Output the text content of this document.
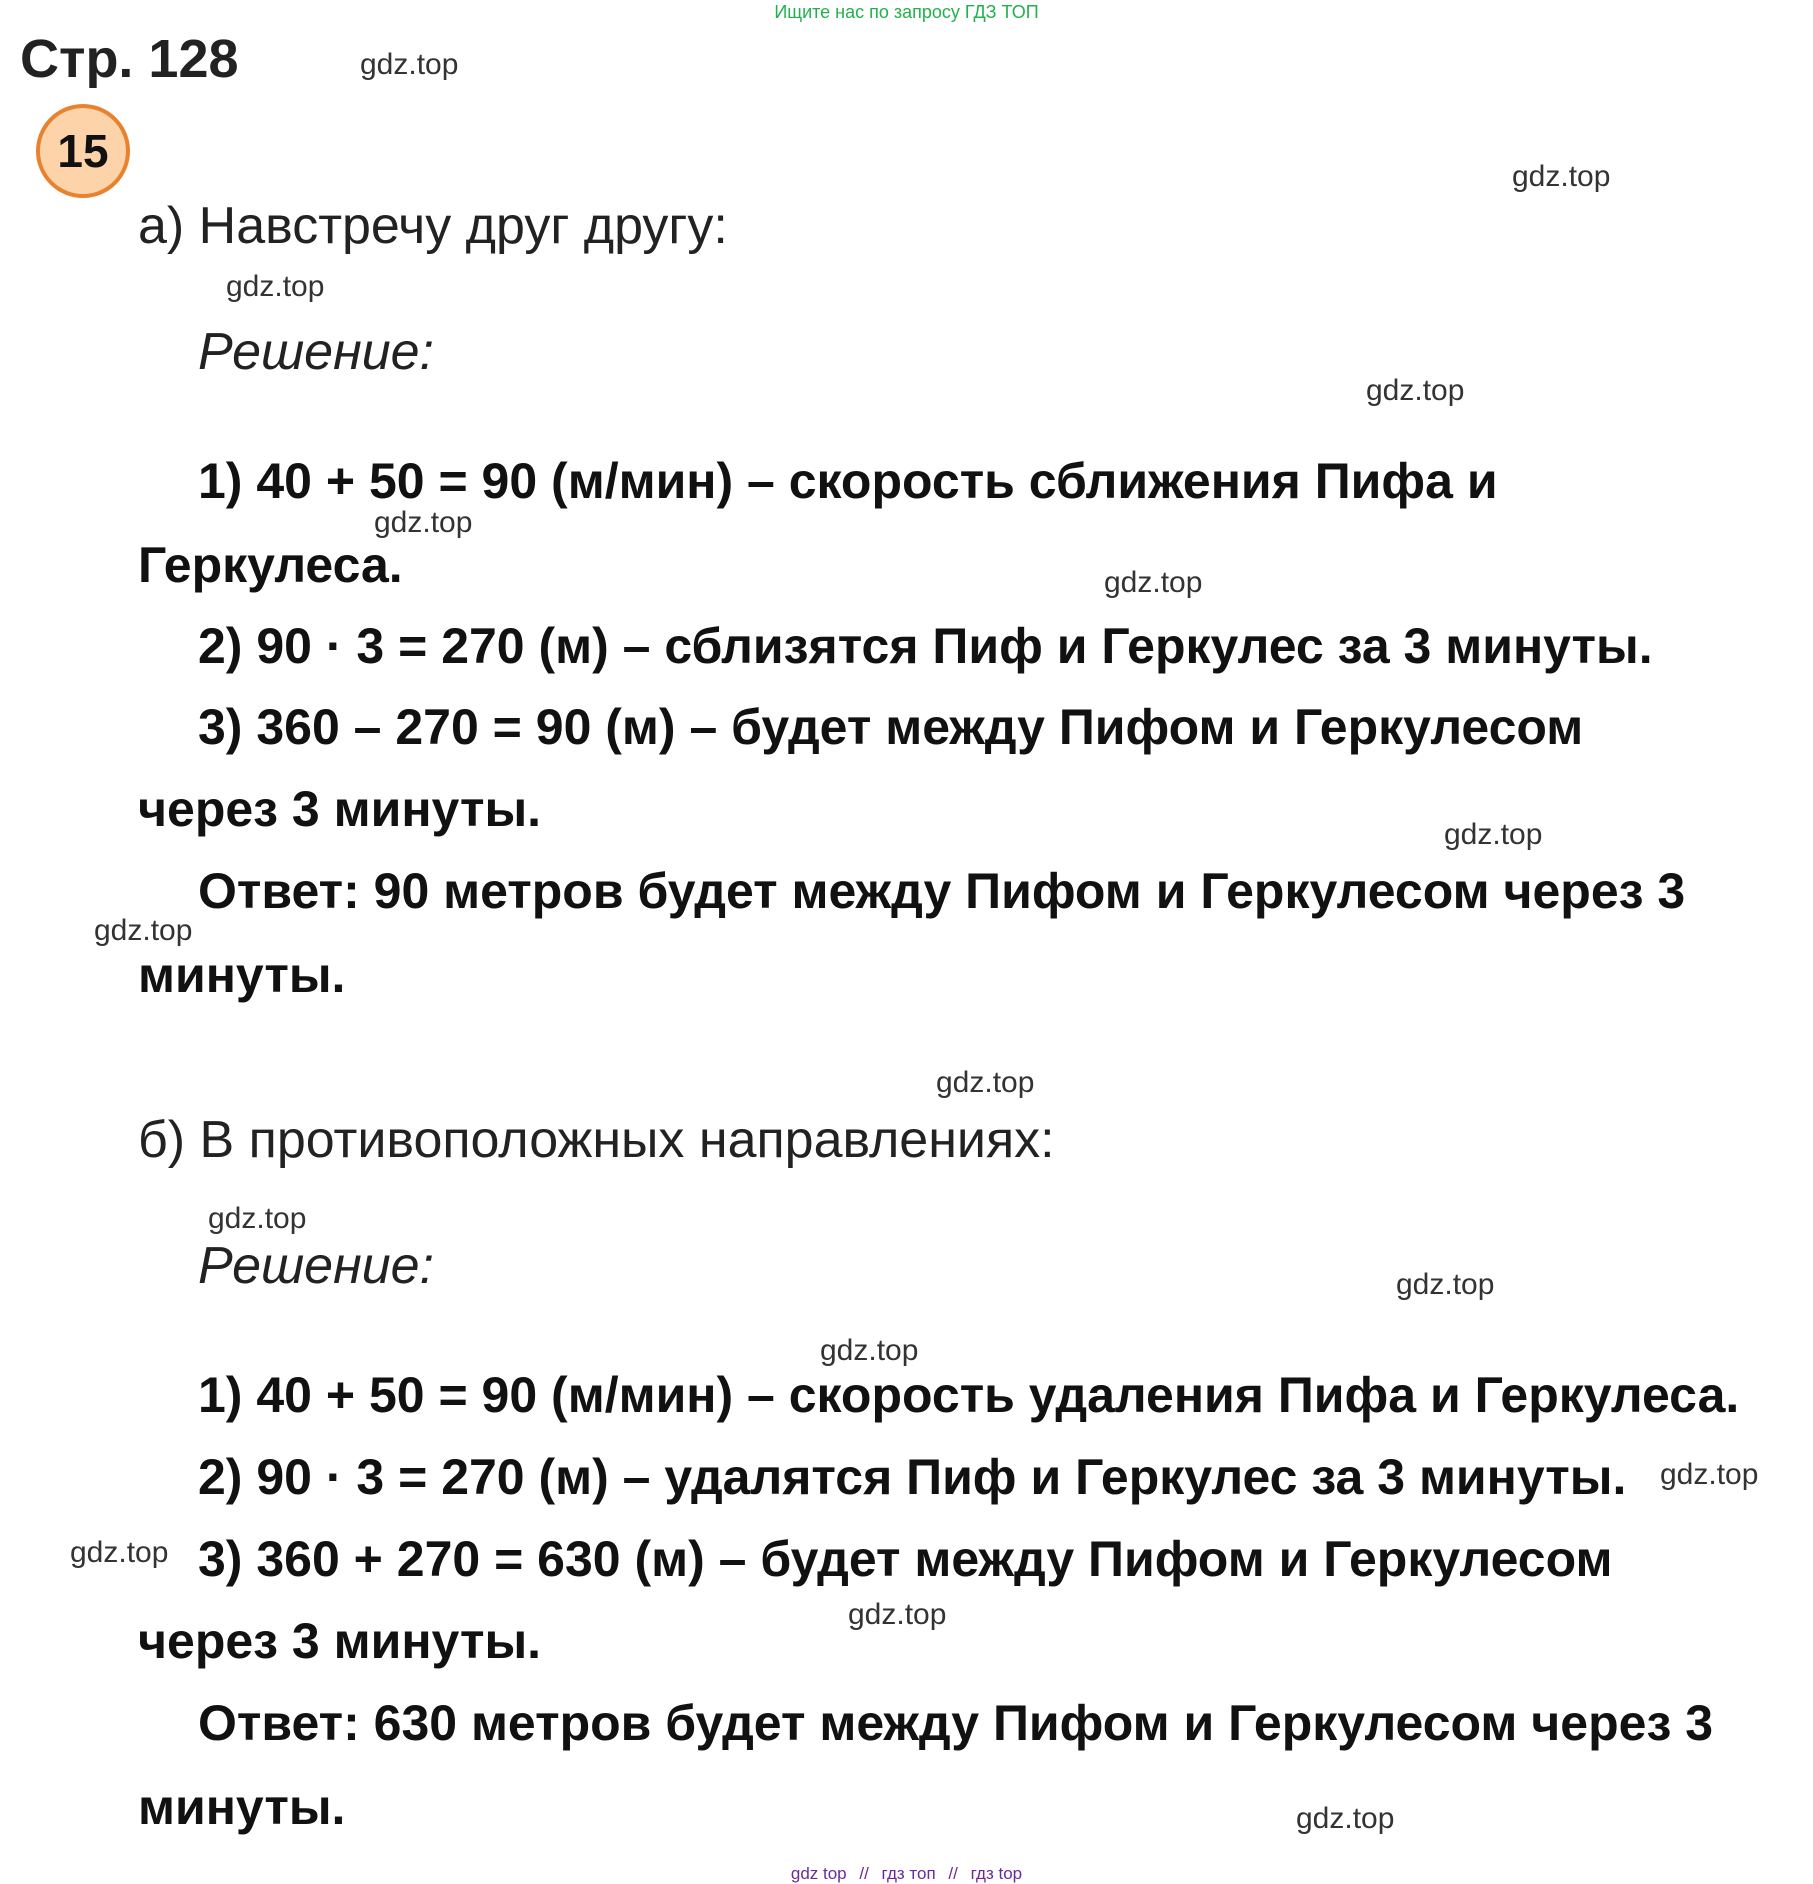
Ищите нас по запросу ГДЗ ТОП
Стр. 128
15
а) Навстречу друг другу:
Решение:
1) 40 + 50 = 90 (м/мин) – скорость сближения Пифа и
Геркулеса.
2) 90 · 3 = 270 (м) – сблизятся Пиф и Геркулес за 3 минуты.
3) 360 – 270 = 90 (м) – будет между Пифом и Геркулесом
через 3 минуты.
Ответ: 90 метров будет между Пифом и Геркулесом через 3
минуты.
б) В противоположных направлениях:
Решение:
1) 40 + 50 = 90 (м/мин) – скорость удаления Пифа и Геркулеса.
2) 90 · 3 = 270 (м) – удалятся Пиф и Геркулес за 3 минуты.
3) 360 + 270 = 630 (м) – будет между Пифом и Геркулесом
через 3 минуты.
Ответ: 630 метров будет между Пифом и Геркулесом через 3
минуты.
gdz.top
gdz.top
gdz.top
gdz.top
gdz.top
gdz.top
gdz.top
gdz.top
gdz.top
gdz.top
gdz.top
gdz.top
gdz.top
gdz.top
gdz.top
gdz.top
gdz top // гдз топ // гдз top
